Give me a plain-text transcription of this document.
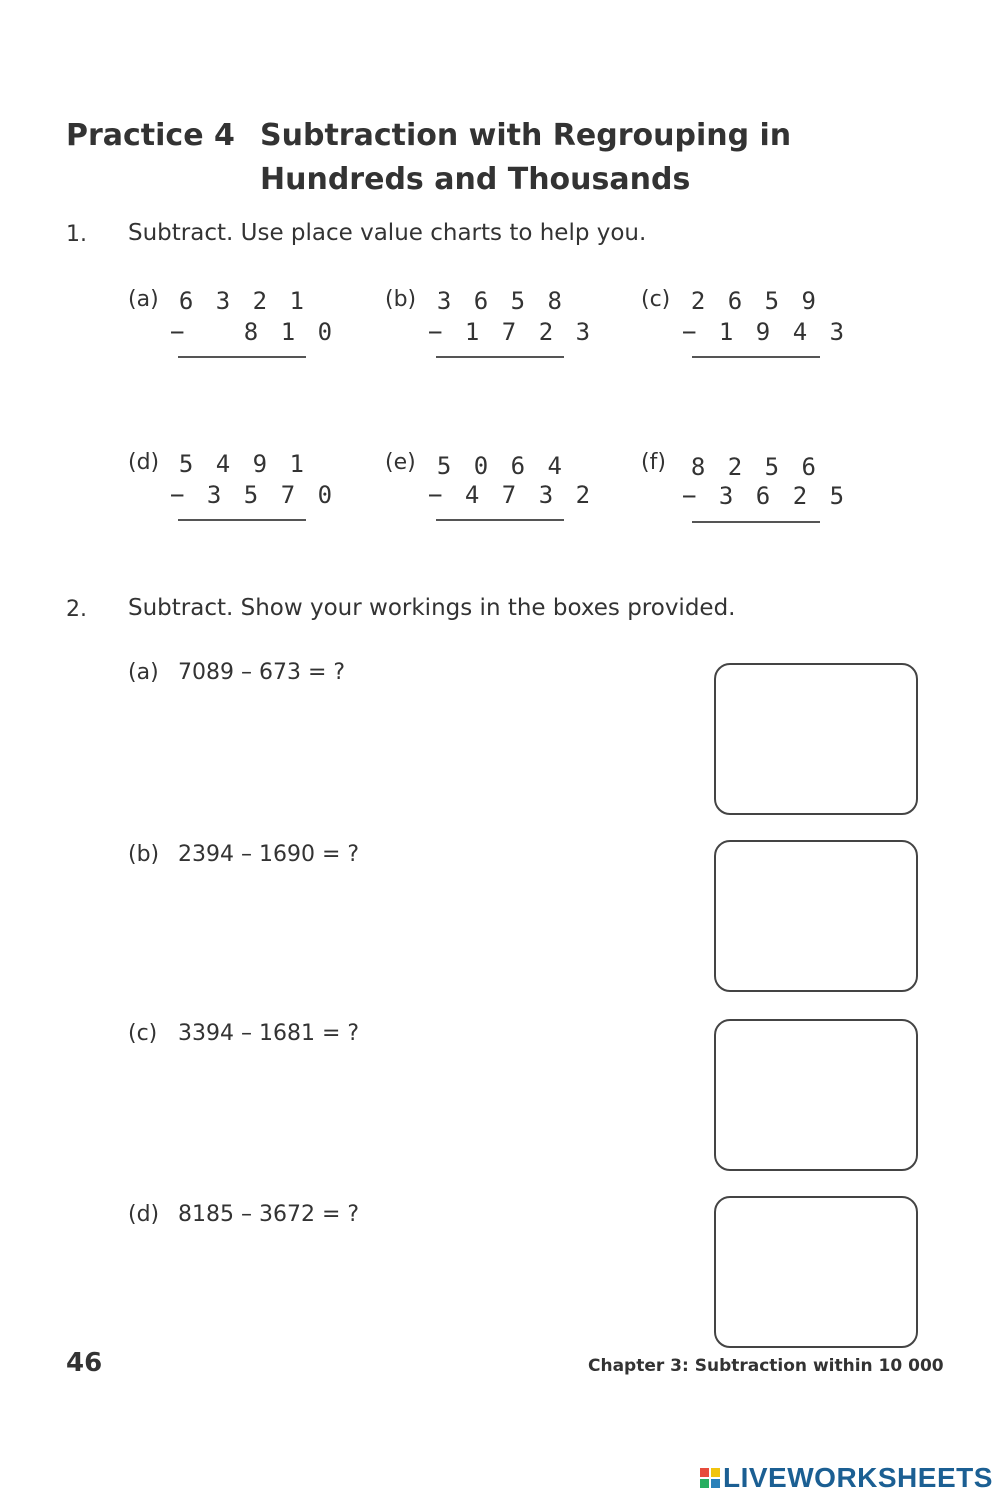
Practice 4 Subtraction with Regrouping in
Hundreds and Thousands
1. Subtract. Use place value charts to help you.
(a) 6 3 2 1
−   8 1 0
(b) 3 6 5 8
− 1 7 2 3
(c) 2 6 5 9
− 1 9 4 3
(d) 5 4 9 1
− 3 5 7 0
(e) 5 0 6 4
− 4 7 3 2
(f)	8 2 5 6
− 3 6 2 5
2. Subtract. Show your workings in the boxes provided.
(a) 7089 – 673 = ?
(b) 2394 – 1690 = ?
(c) 3394 – 1681 = ?
(d) 8185 – 3672 = ?
46	Chapter 3: Subtraction within 10 000
LIVEWORKSHEETS
